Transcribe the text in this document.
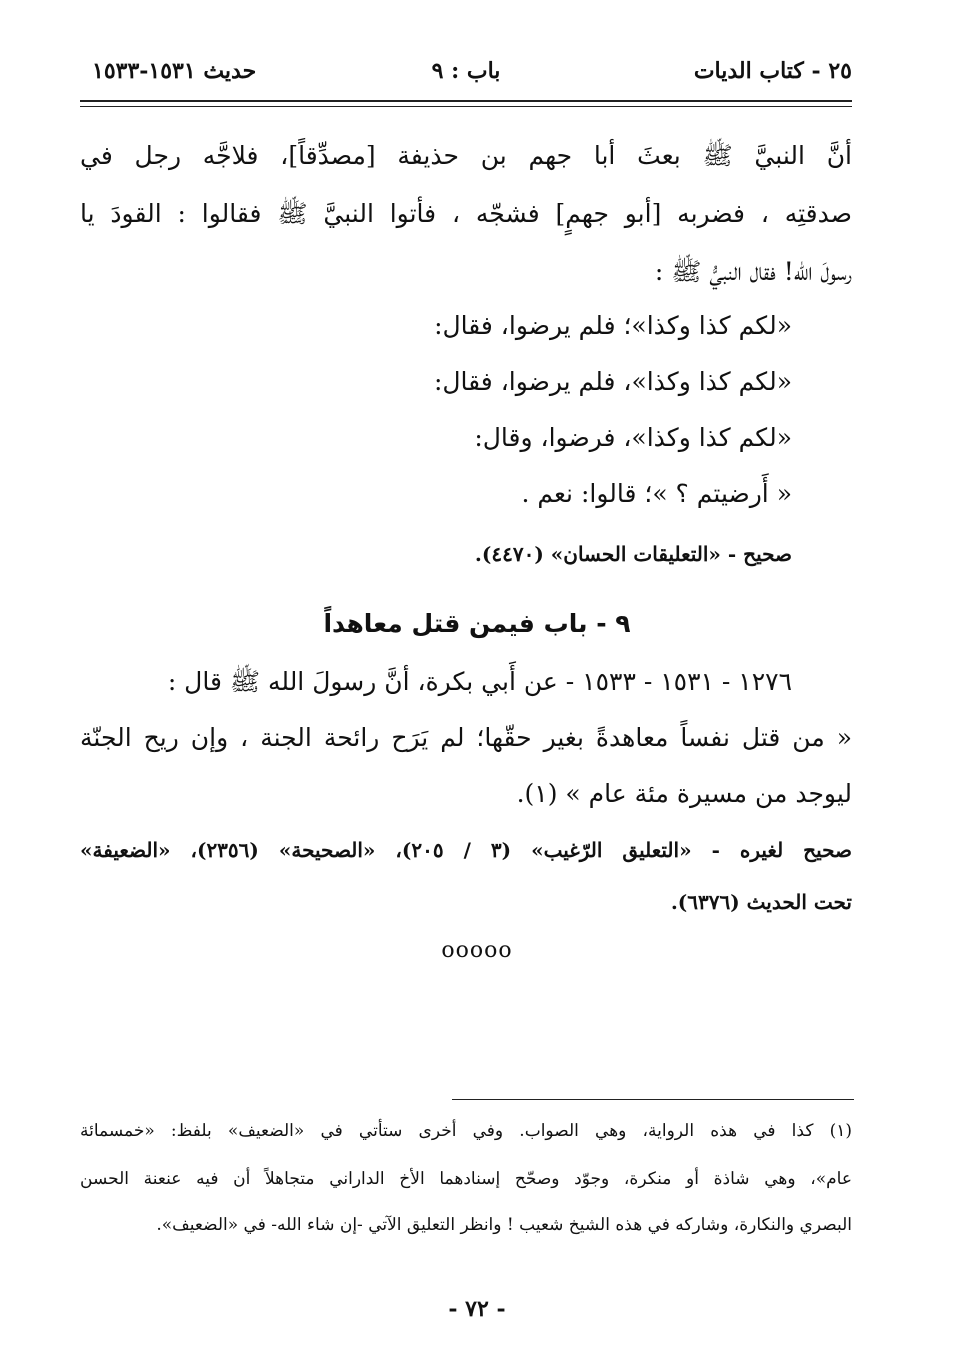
٢٥ - كتاب الديات
باب : ٩
حديث ١٥٣١-١٥٣٣
أنَّ النبيَّ ﷺ بعثَ أبا جهم بن حذيفة [مصدِّقاً]، فلاجَّه رجل في
صدقتِه ، فضربه [أبو جهمٍ] فشجّه ، فأتوا النبيَّ ﷺ فقالوا : القودَ يا
رسولَ الله! فقال النبيُّ ﷺ :
«لكم كذا وكذا»؛ فلم يرضوا، فقال:
«لكم كذا وكذا»، فلم يرضوا، فقال:
«لكم كذا وكذا»، فرضوا، وقال:
« أَرضيتم ؟ »؛ قالوا: نعم .
صحيح - «التعليقات الحسان» (٤٤٧٠).
٩ - باب فيمن قتل معاهداً
١٢٧٦ - ١٥٣١ - ١٥٣٣ - عن أَبي بكرة، أنَّ رسولَ الله ﷺ قال :
« من قتل نفساً معاهدةً بغير حقّها؛ لم يَرَح رائحة الجنة ، وإن ريح الجنّة
ليوجد من مسيرة مئة عام » (١).
صحيح لغيره - «التعليق الرّغيب» (٣ / ٢٠٥)، «الصحيحة» (٢٣٥٦)، «الضعيفة»
تحت الحديث (٦٣٧٦).
ooooo
(١) كذا في هذه الرواية، وهي الصواب. وفي أخرى ستأتي في «الضعيف» بلفظ: «خمسمائة
عام»، وهي شاذة أو منكرة، وجوّد وصحّح إسنادهما الأخ الداراني متجاهلاً أن فيه عنعنة الحسن
البصري والنكارة، وشاركه في هذه الشيخ شعيب ! وانظر التعليق الآتي -إن شاء الله- في «الضعيف».
- ٧٢ -
